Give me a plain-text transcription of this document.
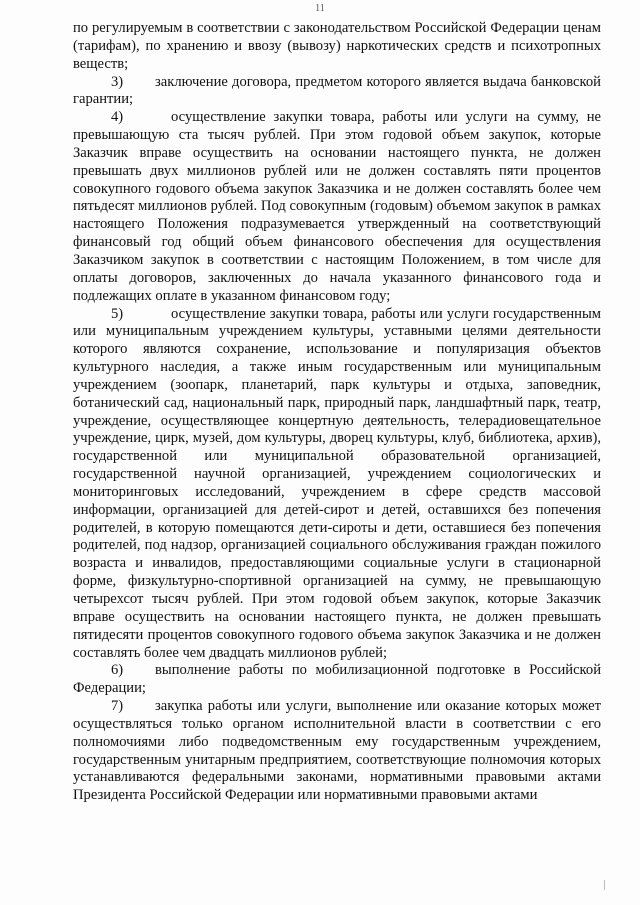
11

по регулируемым в соответствии с законодательством Российской Федерации ценам (тарифам), по хранению и ввозу (вывозу) наркотических средств и психотропных веществ;

3) заключение договора, предметом которого является выдача банковской гарантии;

4)	осуществление закупки товара, работы или услуги на сумму, не превышающую ста тысяч рублей. При этом годовой объем закупок, которые Заказчик вправе осуществить на основании настоящего пункта, не должен превышать двух миллионов рублей или не должен составлять пяти процентов совокупного годового объема закупок Заказчика и не должен составлять более чем пятьдесят миллионов рублей. Под совокупным (годовым) объемом закупок в рамках настоящего Положения подразумевается утвержденный на соответствующий финансовый год общий объем финансового обеспечения для осуществления Заказчиком закупок в соответствии с настоящим Положением, в том числе для оплаты договоров, заключенных до начала указанного финансового года и подлежащих оплате в указанном финансовом году;

5)	осуществление закупки товара, работы или услуги государственным или муниципальным учреждением культуры, уставными целями деятельности которого являются сохранение, использование и популяризация объектов культурного наследия, а также иным государственным или муниципальным учреждением (зоопарк, планетарий, парк культуры и отдыха, заповедник, ботанический сад, национальный парк, природный парк, ландшафтный парк, театр, учреждение, осуществляющее концертную деятельность, телерадиовещательное учреждение, цирк, музей, дом культуры, дворец культуры, клуб, библиотека, архив), государственной или муниципальной образовательной организацией, государственной научной организацией, учреждением социологических и мониторинговых исследований, учреждением в сфере средств массовой информации, организацией для детей-сирот и детей, оставшихся без попечения родителей, в которую помещаются дети-сироты и дети, оставшиеся без попечения родителей, под надзор, организацией социального обслуживания граждан пожилого возраста и инвалидов, предоставляющими социальные услуги в стационарной форме, физкультурно-спортивной организацией на сумму, не превышающую четырехсот тысяч рублей. При этом годовой объем закупок, которые Заказчик вправе осуществить на основании настоящего пункта, не должен превышать пятидесяти процентов совокупного годового объема закупок Заказчика и не должен составлять более чем двадцать миллионов рублей;

6) выполнение работы по мобилизационной подготовке в Российской Федерации;

7) закупка работы или услуги, выполнение или оказание которых может осуществляться только органом исполнительной власти в соответствии с его полномочиями либо подведомственным ему государственным учреждением, государственным унитарным предприятием, соответствующие полномочия которых устанавливаются федеральными законами, нормативными правовыми актами Президента Российской Федерации или нормативными правовыми актами
